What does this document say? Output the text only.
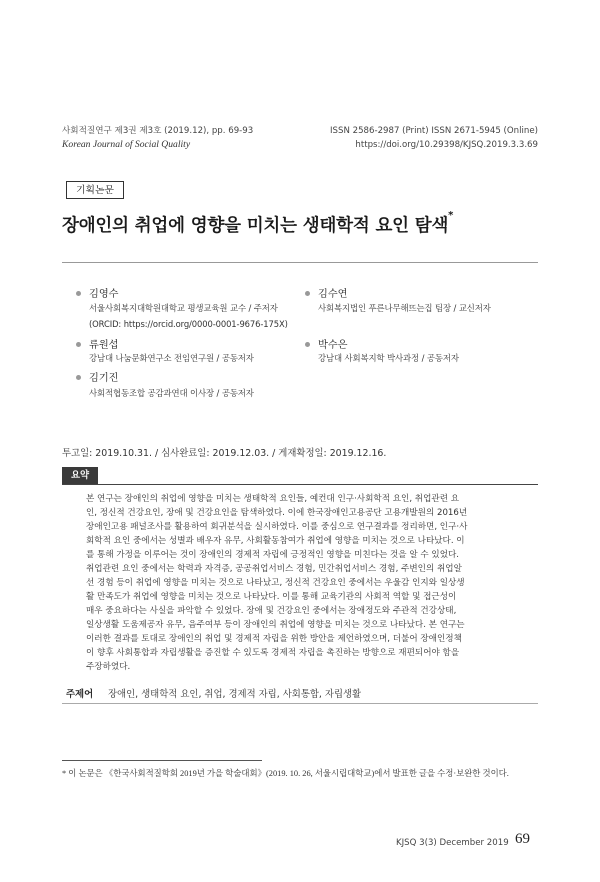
사회적질연구 제3권 제3호 (2019.12), pp. 69-93
Korean Journal of Social Quality
ISSN 2586-2987 (Print) ISSN 2671-5945 (Online)
https://doi.org/10.29398/KJSQ.2019.3.3.69
기획논문
장애인의 취업에 영향을 미치는 생태학적 요인 탐색*
김영수
서울사회복지대학원대학교 평생교육원 교수 / 주저자
(ORCID: https://orcid.org/0000-0001-9676-175X)
김수연
사회복지법인 푸른나무해뜨는집 팀장 / 교신저자
류원섭
강남대 나눔문화연구소 전임연구원 / 공동저자
박수은
강남대 사회복지학 박사과정 / 공동저자
김기진
사회적협동조합 공감과연대 이사장 / 공동저자
투고일: 2019.10.31. / 심사완료일: 2019.12.03. / 게재확정일: 2019.12.16.
요약
본 연구는 장애인의 취업에 영향을 미치는 생태학적 요인들, 예컨대 인구·사회학적 요인, 취업관련 요
인, 정신적 건강요인, 장애 및 건강요인을 탐색하였다. 이에 한국장애인고용공단 고용개발원의 2016년
장애인고용 패널조사를 활용하여 회귀분석을 실시하였다. 이를 중심으로 연구결과를 정리하면, 인구·사
회학적 요인 중에서는 성별과 배우자 유무, 사회활동참여가 취업에 영향을 미치는 것으로 나타났다. 이
를 통해 가정을 이루어는 것이 장애인의 경제적 자립에 긍정적인 영향을 미친다는 것을 알 수 있었다.
취업관련 요인 중에서는 학력과 자격증, 공공취업서비스 경험, 민간취업서비스 경험, 주변인의 취업알
선 경험 등이 취업에 영향을 미치는 것으로 나타났고, 정신적 건강요인 중에서는 우울감 인지와 일상생
활 만족도가 취업에 영향을 미치는 것으로 나타났다. 이를 통해 교육기관의 사회적 역할 및 접근성이
매우 중요하다는 사실을 파악할 수 있었다. 장애 및 건강요인 중에서는 장애정도와 주관적 건강상태,
일상생활 도움제공자 유무, 음주여부 등이 장애인의 취업에 영향을 미치는 것으로 나타났다. 본 연구는
이러한 결과를 토대로 장애인의 취업 및 경제적 자립을 위한 방안을 제언하였으며, 더불어 장애인정책
이 향후 사회통합과 자립생활을 증진할 수 있도록 경제적 자립을 촉진하는 방향으로 재편되어야 함을
주장하였다.
주제어 장애인, 생태학적 요인, 취업, 경제적 자립, 사회통합, 자립생활
* 이 논문은 《한국사회적질학회 2019년 가을 학술대회》(2019. 10. 26, 서울시립대학교)에서 발표한 글을 수정·보완한 것이다.
KJSQ 3(3) December 2019 69
